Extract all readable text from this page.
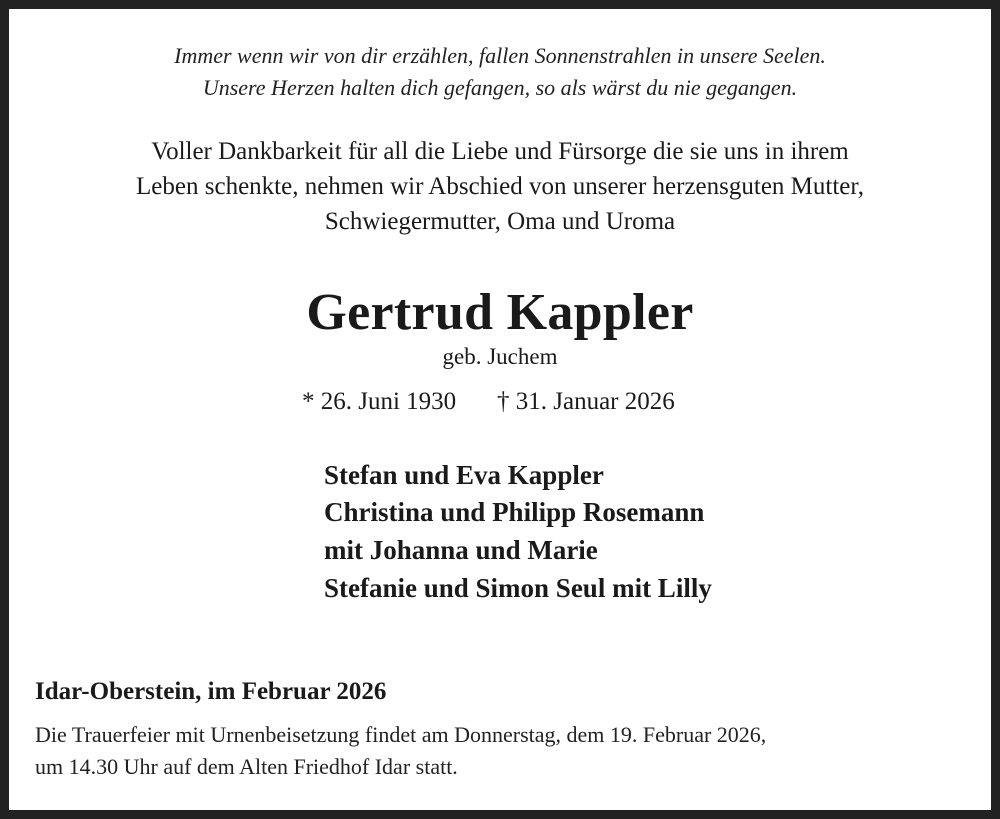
Immer wenn wir von dir erzählen, fallen Sonnenstrahlen in unsere Seelen.
Unsere Herzen halten dich gefangen, so als wärst du nie gegangen.
Voller Dankbarkeit für all die Liebe und Fürsorge die sie uns in ihrem
Leben schenkte, nehmen wir Abschied von unserer herzensguten Mutter,
Schwiegermutter, Oma und Uroma
Gertrud Kappler
geb. Juchem
* 26. Juni 1930 † 31. Januar 2026
Stefan und Eva Kappler
Christina und Philipp Rosemann
mit Johanna und Marie
Stefanie und Simon Seul mit Lilly
Idar-Oberstein, im Februar 2026
Die Trauerfeier mit Urnenbeisetzung findet am Donnerstag, dem 19. Februar 2026,
um 14.30 Uhr auf dem Alten Friedhof Idar statt.
